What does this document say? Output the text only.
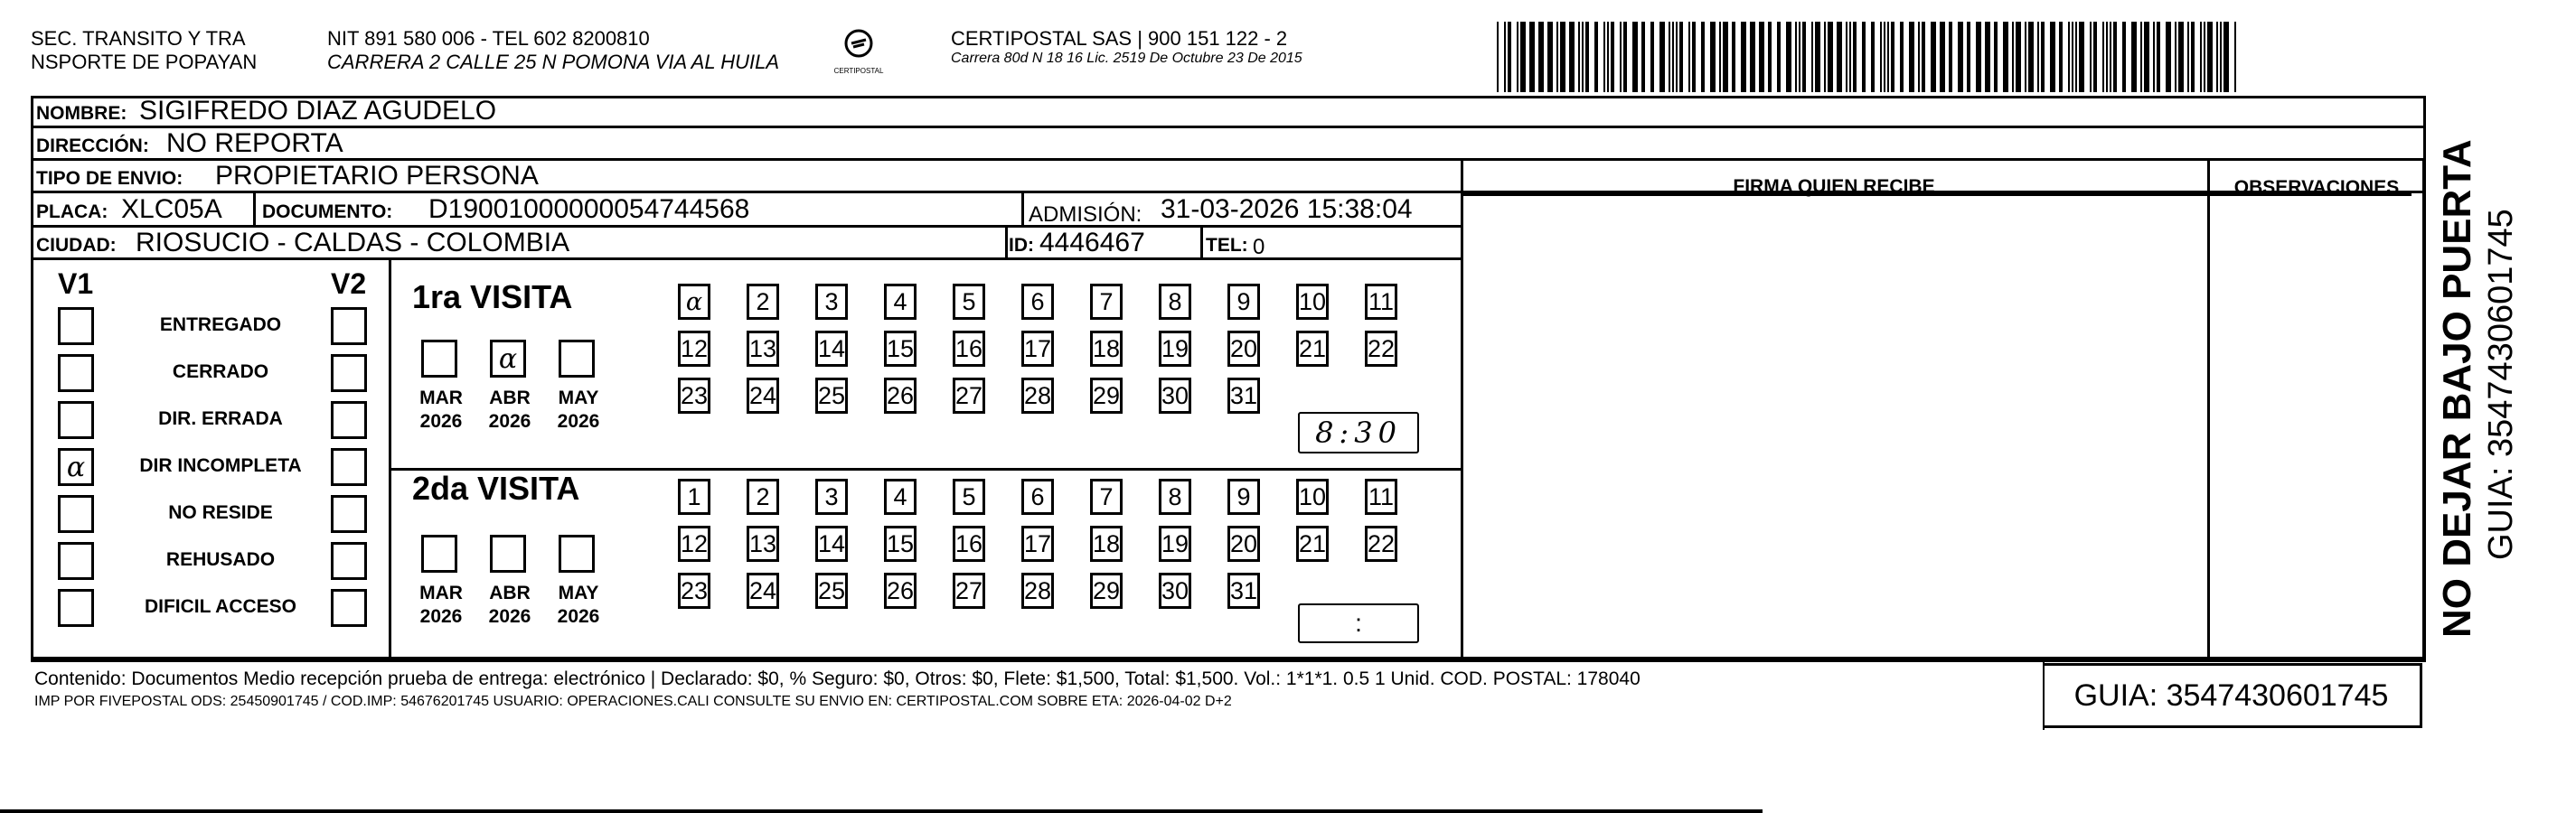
SEC. TRANSITO Y TRA
NSPORTE DE POPAYAN
NIT 891 580 006 - TEL 602 8200810
CARRERA 2 CALLE 25 N POMONA VIA AL HUILA	CERTIPOSTAL
CERTIPOSTAL SAS | 900 151 122 - 2
Carrera 80d N 18 16 Lic. 2519 De Octubre 23 De 2015
NOMBRE: SIGIFREDO DIAZ AGUDELO
DIRECCIÓN: NO REPORTA
TIPO DE ENVIO: PROPIETARIO PERSONA
PLACA: XLC05A DOCUMENTO: D19001000000054744568	ADMISIÓN: 31-03-2026 15:38:04
CIUDAD: RIOSUCIO - CALDAS - COLOMBIA	ID: 4446467	TEL: 0
FIRMA QUIEN RECIBE	OBSERVACIONES
V1	V2
ENTREGADO
CERRADO
DIR. ERRADA
α	DIR INCOMPLETA
NO RESIDE
REHUSADO
DIFICIL ACCESO
1ra VISITA
2da VISITA
MAR
2026
α
ABR
2026
MAY
2026
MAR
2026
ABR
2026
MAY
2026
α	2	3	4	5	6	7	8	9	10 11
12 13 14 15 16 17 18 19 20 21 22
23 24 25 26 27 28 29 30 31
1	2	3	4	5	6	7	8	9	10 11
12 13 14 15 16 17 18 19 20 21 22
23 24 25 26 27 28 29 30 31
8:30
:
Contenido: Documentos Medio recepción prueba de entrega: electrónico | Declarado: $0, % Seguro: $0, Otros: $0, Flete: $1,500, Total: $1,500. Vol.: 1*1*1. 0.5 1 Unid. COD. POSTAL: 178040
IMP POR FIVEPOSTAL ODS: 25450901745 / COD.IMP: 54676201745 USUARIO: OPERACIONES.CALI CONSULTE SU ENVIO EN: CERTIPOSTAL.COM SOBRE ETA: 2026-04-02 D+2	GUIA: 3547430601745
NO DEJAR BAJO PUERTA GUIA: 3547430601745
